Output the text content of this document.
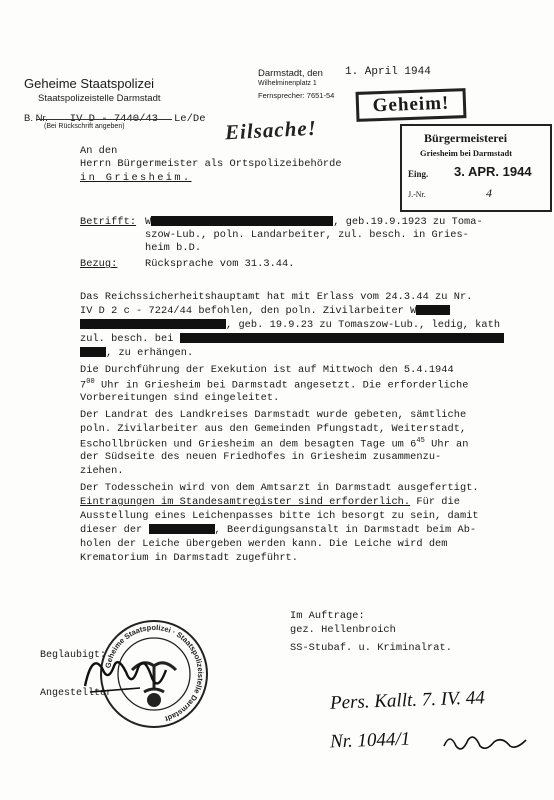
Geheime Staatspolizei
Staatspolizeistelle Darmstadt
B. Nr. IV D - 7440/43 Le/De
(Bei Rückschrift angeben)
Darmstadt, den 1. April 1944
Wilhelminenplatz 1
Fernsprecher: 7651-54
Eilsache!
Geheim!
Bürgermeisterei
Griesheim bei Darmstadt
Eing. 3. APR. 1944
J.-Nr.	4
An den
Herrn Bürgermeister als Ortspolizeibehörde
in Griesheim.
Betrifft: W	, geb.19.9.1923 zu Toma-
szow-Lub., poln. Landarbeiter, zul. besch. in Gries-
heim b.D.
Bezug:	Rücksprache vom 31.3.44.
Das Reichssicherheitshauptamt hat mit Erlass vom 24.3.44 zu Nr.
IV D 2 c - 7224/44 befohlen, den poln. Zivilarbeiter W
, geb. 19.9.23 zu Tomaszow-Lub., ledig, kath
zul. besch. bei
, zu erhängen.
Die Durchführung der Exekution ist auf Mittwoch den 5.4.1944
$7^{00}$ Uhr in Griesheim bei Darmstadt angesetzt. Die erforderliche
Vorbereitungen sind eingeleitet.
Der Landrat des Landkreises Darmstadt wurde gebeten, sämtliche
poln. Zivilarbeiter aus den Gemeinden Pfungstadt, Weiterstadt,
Eschollbrücken und Griesheim an dem besagten Tage um $6^{45}$ Uhr an
der Südseite des neuen Friedhofes in Griesheim zusammenzu-
ziehen.
Der Todesschein wird von dem Amtsarzt in Darmstadt ausgefertigt.
Eintragungen im Standesamtregister sind erforderlich. Für die
Ausstellung eines Leichenpasses bitte ich besorgt zu sein, damit
dieser der	, Beerdigungsanstalt in Darmstadt beim Ab-
holen der Leiche übergeben werden kann. Die Leiche wird dem
Krematorium in Darmstadt zugeführt.
Im Auftrage:
gez. Hellenbroich
SS-Stubaf. u. Kriminalrat.
Geheime Staatspolizei · Staatspolizeistelle Darmstadt
Beglaubigt:
Angestellter	Pers. Kallt. 7. IV. 44
Nr. 1044/1
